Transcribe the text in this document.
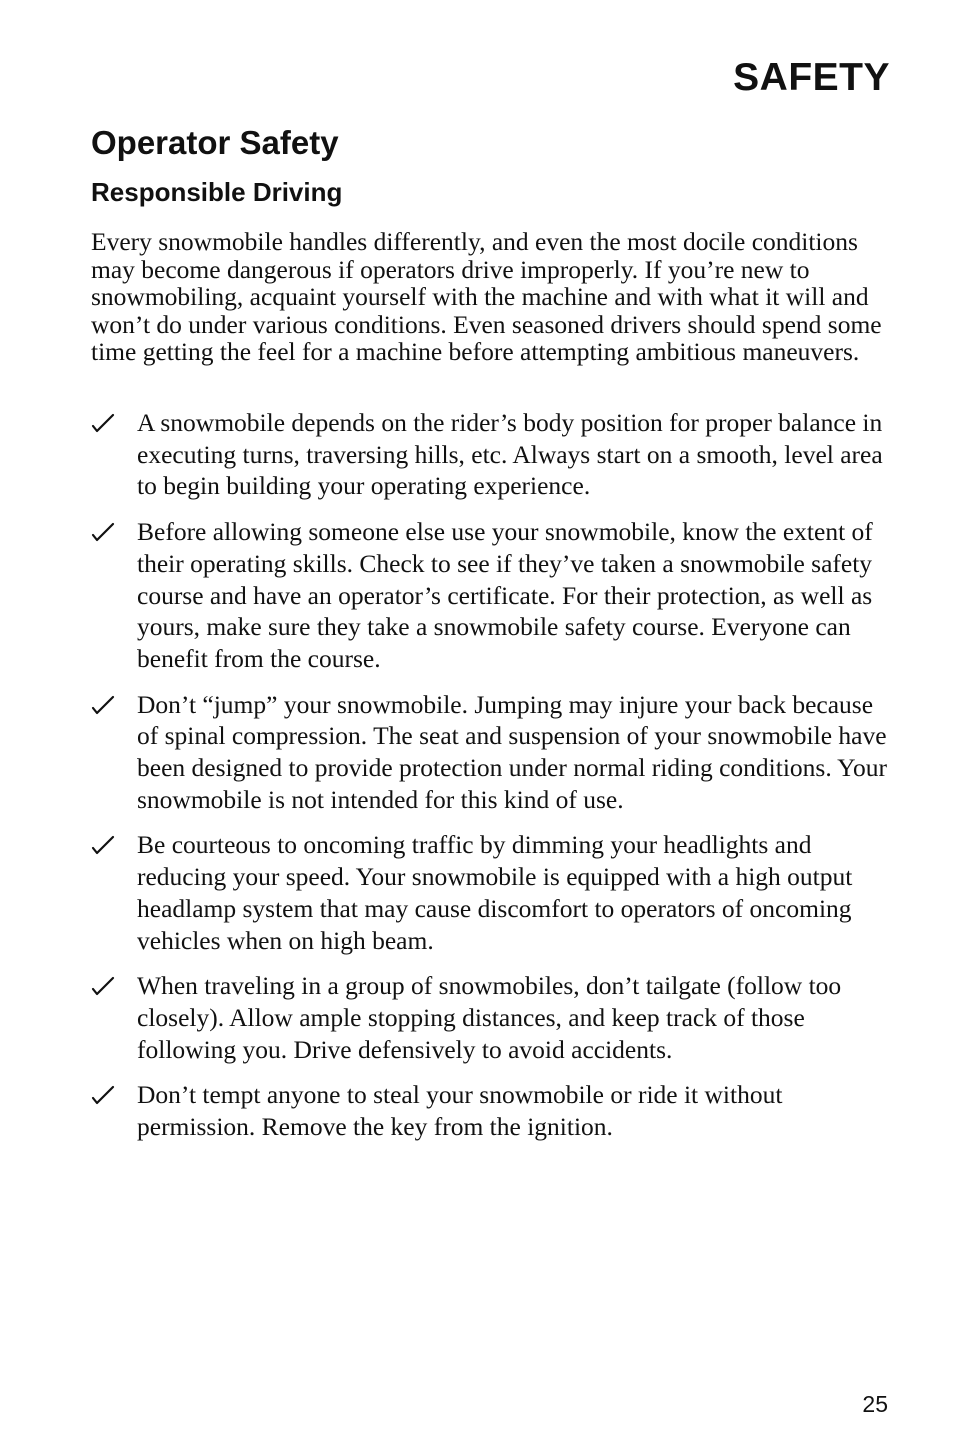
SAFETY
Operator Safety
Responsible Driving

Every snowmobile handles differently, and even the most docile conditions may become dangerous if operators drive improperly. If you’re new to snowmobiling, acquaint yourself with the machine and with what it will and won’t do under various conditions. Even seasoned drivers should spend some time getting the feel for a machine before attempting ambitious maneuvers.

A snowmobile depends on the rider’s body position for proper balance in executing turns, traversing hills, etc. Always start on a smooth, level area to begin building your operating experience.
Before allowing someone else use your snowmobile, know the extent of their operating skills. Check to see if they’ve taken a snowmobile safety course and have an operator’s certificate. For their protection, as well as yours, make sure they take a snowmobile safety course. Everyone can benefit from the course.
Don’t “jump” your snowmobile. Jumping may injure your back because of spinal compression. The seat and suspension of your snowmobile have been designed to provide protection under normal riding conditions. Your snowmobile is not intended for this kind of use.
Be courteous to oncoming traffic by dimming your headlights and reducing your speed. Your snowmobile is equipped with a high output headlamp system that may cause discomfort to operators of oncoming vehicles when on high beam.
When traveling in a group of snowmobiles, don’t tailgate (follow too closely). Allow ample stopping distances, and keep track of those following you. Drive defensively to avoid accidents.
Don’t tempt anyone to steal your snowmobile or ride it without permission. Remove the key from the ignition.
25
